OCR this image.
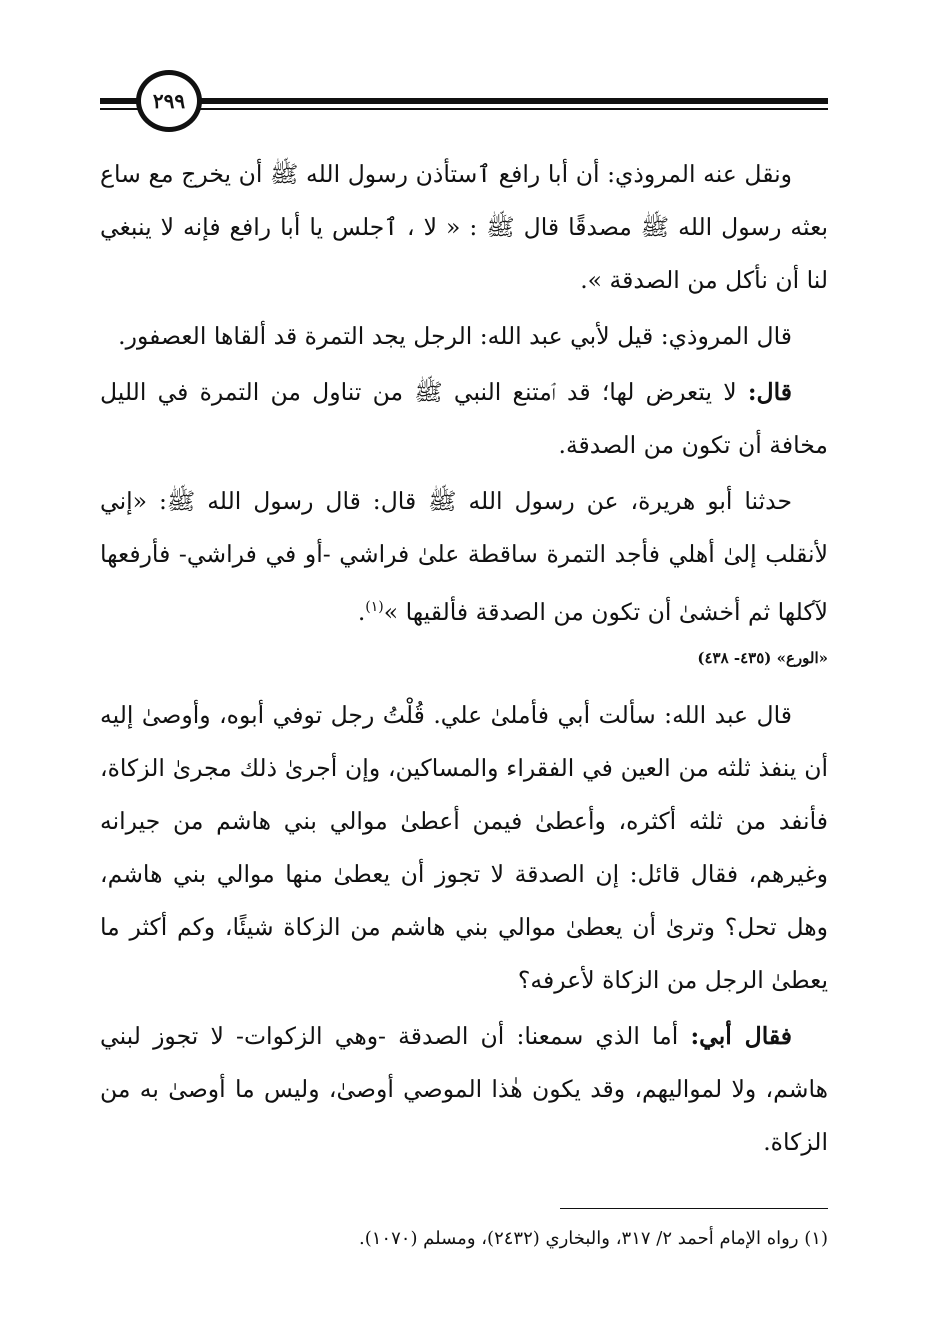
٢٩٩

ونقل عنه المروذي: أن أبا رافع ٱستأذن رسول الله ﷺ أن يخرج مع ساع بعثه رسول الله ﷺ مصدقًا قال ﷺ : « لا ، ٱجلس يا أبا رافع فإنه لا ينبغي لنا أن نأكل من الصدقة ».

قال المروذي: قيل لأبي عبد الله: الرجل يجد التمرة قد ألقاها العصفور.

قال: لا يتعرض لها؛ قد ٱمتنع النبي ﷺ من تناول من التمرة في الليل مخافة أن تكون من الصدقة.

حدثنا أبو هريرة، عن رسول الله ﷺ قال: قال رسول الله ﷺ: «إني لأنقلب إلىٰ أهلي فأجد التمرة ساقطة علىٰ فراشي -أو في فراشي- فأرفعها لآكلها ثم أخشىٰ أن تكون من الصدقة فألقيها »$^{(١)}$.

«الورع» (٤٣٥- ٤٣٨)

قال عبد الله: سألت أبي فأملىٰ علي. قُلْتُ رجل توفي أبوه، وأوصىٰ إليه أن ينفذ ثلثه من العين في الفقراء والمساكين، وإن أجرىٰ ذلك مجرىٰ الزكاة، فأنفد من ثلثه أكثره، وأعطىٰ فيمن أعطىٰ موالي بني هاشم من جيرانه وغيرهم، فقال قائل: إن الصدقة لا تجوز أن يعطىٰ منها موالي بني هاشم، وهل تحل؟ وترىٰ أن يعطىٰ موالي بني هاشم من الزكاة شيئًا، وكم أكثر ما يعطىٰ الرجل من الزكاة لأعرفه؟

فقال أبي: أما الذي سمعنا: أن الصدقة -وهي الزكوات- لا تجوز لبني هاشم، ولا لمواليهم، وقد يكون هٰذا الموصي أوصىٰ، وليس ما أوصىٰ به من الزكاة.

(١) رواه الإمام أحمد ٢/ ٣١٧، والبخاري (٢٤٣٢)، ومسلم (١٠٧٠).
